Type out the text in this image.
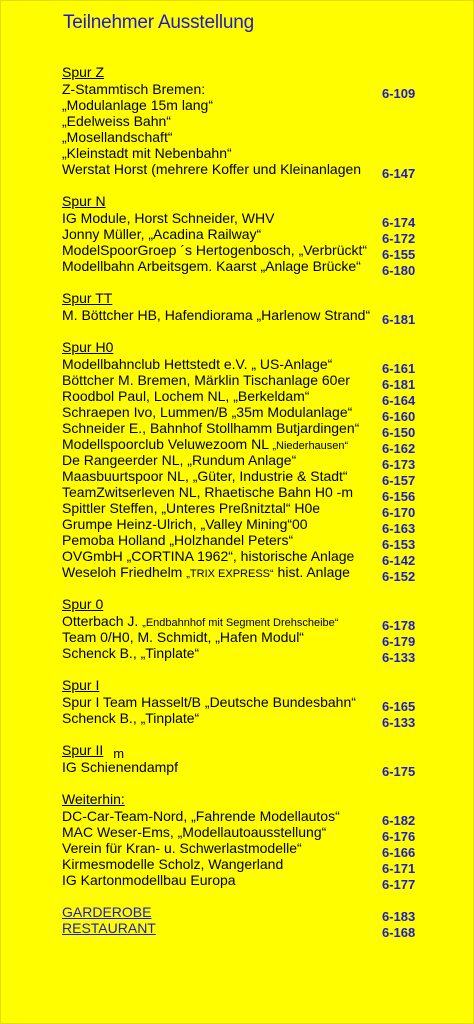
Teilnehmer Ausstellung
Spur Z
Z-Stammtisch Bremen:	6-109
„Modulanlage 15m lang“
„Edelweiss Bahn“
„Mosellandschaft“
„Kleinstadt mit Nebenbahn“
Werstat Horst (mehrere Koffer und Kleinanlagen 6-147
Spur N
IG Module, Horst Schneider, WHV	6-174
Jonny Müller, „Acadina Railway“	6-172
ModelSpoorGroep ´s Hertogenbosch, „Verbrückt“ 6-155
Modellbahn Arbeitsgem. Kaarst „Anlage Brücke“ 6-180
Spur TT
M. Böttcher HB, Hafendiorama „Harlenow Strand“ 6-181
Spur H0
Modellbahnclub Hettstedt e.V. „ US-Anlage“	6-161
Böttcher M. Bremen, Märklin Tischanlage 60er 6-181
Roodbol Paul, Lochem NL, „Berkeldam“	6-164
Schraepen Ivo, Lummen/B „35m Modulanlage“ 6-160
Schneider E., Bahnhof Stollhamm Butjardingen“ 6-150
Modellspoorclub Veluwezoom NL „Niederhausen“	6-162
De Rangeerder NL, „Rundum Anlage“	6-173
Maasbuurtspoor NL, „Güter, Industrie & Stadt“	6-157
TeamZwitserleven NL, Rhaetische Bahn H0 -m 6-156
Spittler Steffen, „Unteres Preßnitztal“ H0e	6-170
Grumpe Heinz-Ulrich, „Valley Mining“00	6-163
Pemoba Holland „Holzhandel Peters“	6-153
OVGmbH „CORTINA 1962“, historische Anlage 6-142
Weseloh Friedhelm „TRIX EXPRESS“ hist. Anlage 6-152
Spur 0
Otterbach J. „Endbahnhof mit Segment Drehscheibe“	6-178
Team 0/H0, M. Schmidt, „Hafen Modul“	6-179
Schenck B., „Tinplate“	6-133
Spur I
Spur I Team Hasselt/B „Deutsche Bundesbahn“ 6-165
Schenck B., „Tinplate“	6-133
Spur II m
IG Schienendampf	6-175
Weiterhin:
DC-Car-Team-Nord, „Fahrende Modellautos“	6-182
MAC Weser-Ems, „Modellautoausstellung“	6-176
Verein für Kran- u. Schwerlastmodelle“	6-166
Kirmesmodelle Scholz, Wangerland	6-171
IG Kartonmodellbau Europa	6-177
GARDEROBE	6-183
RESTAURANT	6-168
